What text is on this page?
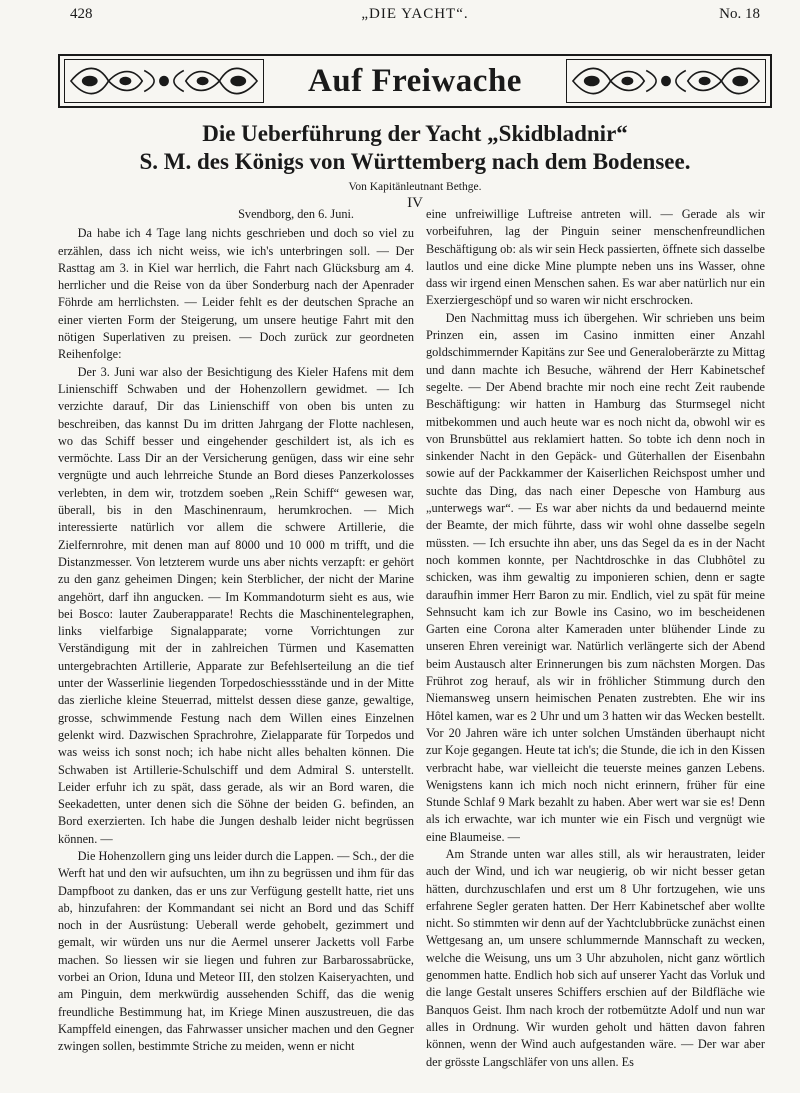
428	„DIE YACHT“.	No. 18
Auf Freiwache
Die Ueberführung der Yacht „Skidbladnir“
S. M. des Königs von Württemberg nach dem Bodensee.
Von Kapitänleutnant Bethge.
IV

Svendborg, den 6. Juni.

Da habe ich 4 Tage lang nichts geschrieben und doch so viel zu erzählen, dass ich nicht weiss, wie ich's unterbringen soll. — Der Rasttag am 3. in Kiel war herrlich, die Fahrt nach Glücksburg am 4. herrlicher und die Reise von da über Sonderburg nach der Apenrader Föhrde am herrlichsten. — Leider fehlt es der deutschen Sprache an einer vierten Form der Steigerung, um unsere heutige Fahrt mit den nötigen Superlativen zu preisen. — Doch zurück zur geordneten Reihenfolge:

Der 3. Juni war also der Besichtigung des Kieler Hafens mit dem Linienschiff Schwaben und der Hohenzollern gewidmet. — Ich verzichte darauf, Dir das Linienschiff von oben bis unten zu beschreiben, das kannst Du im dritten Jahrgang der Flotte nachlesen, wo das Schiff besser und eingehender geschildert ist, als ich es vermöchte. Lass Dir an der Versicherung genügen, dass wir eine sehr vergnügte und auch lehrreiche Stunde an Bord dieses Panzerkolosses verlebten, in dem wir, trotzdem soeben „Rein Schiff“ gewesen war, überall, bis in den Maschinenraum, herumkrochen. — Mich interessierte natürlich vor allem die schwere Artillerie, die Zielfernrohre, mit denen man auf 8000 und 10 000 m trifft, und die Distanzmesser. Von letzterem wurde uns aber nichts verzapft: er gehört zu den ganz geheimen Dingen; kein Sterblicher, der nicht der Marine angehört, darf ihn angucken. — Im Kommandoturm sieht es aus, wie bei Bosco: lauter Zauberapparate! Rechts die Maschinentelegraphen, links vielfarbige Signalapparate; vorne Vorrichtungen zur Verständigung mit der in zahlreichen Türmen und Kasematten untergebrachten Artillerie, Apparate zur Befehlserteilung an die tief unter der Wasserlinie liegenden Torpedoschiessstände und in der Mitte das zierliche kleine Steuerrad, mittelst dessen diese ganze, gewaltige, grosse, schwimmende Festung nach dem Willen eines Einzelnen gelenkt wird. Dazwischen Sprachrohre, Zielapparate für Torpedos und was weiss ich sonst noch; ich habe nicht alles behalten können. Die Schwaben ist Artillerie-Schulschiff und dem Admiral S. unterstellt. Leider erfuhr ich zu spät, dass gerade, als wir an Bord waren, die Seekadetten, unter denen sich die Söhne der beiden G. befinden, an Bord exerzierten. Ich habe die Jungen deshalb leider nicht begrüssen können. —

Die Hohenzollern ging uns leider durch die Lappen. — Sch., der die Werft hat und den wir aufsuchten, um ihn zu begrüssen und ihm für das Dampfboot zu danken, das er uns zur Verfügung gestellt hatte, riet uns ab, hinzufahren: der Kommandant sei nicht an Bord und das Schiff noch in der Ausrüstung: Ueberall werde gehobelt, gezimmert und gemalt, wir würden uns nur die Aermel unserer Jacketts voll Farbe machen. So liessen wir sie liegen und fuhren zur Barbarossabrücke, vorbei an Orion, Iduna und Meteor III, den stolzen Kaiseryachten, und am Pinguin, dem merkwürdig aussehenden Schiff, das die wenig freundliche Bestimmung hat, im Kriege Minen auszustreuen, die das Kampffeld einengen, das Fahrwasser unsicher machen und den Gegner zwingen sollen, bestimmte Striche zu meiden, wenn er nicht

eine unfreiwillige Luftreise antreten will. — Gerade als wir vorbeifuhren, lag der Pinguin seiner menschenfreundlichen Beschäftigung ob: als wir sein Heck passierten, öffnete sich dasselbe lautlos und eine dicke Mine plumpte neben uns ins Wasser, ohne dass wir irgend einen Menschen sahen. Es war aber natürlich nur ein Exerziergeschöpf und so waren wir nicht erschrocken.

Den Nachmittag muss ich übergehen. Wir schrieben uns beim Prinzen ein, assen im Casino inmitten einer Anzahl goldschimmernder Kapitäns zur See und Generaloberärzte zu Mittag und dann machte ich Besuche, während der Herr Kabinetschef segelte. — Der Abend brachte mir noch eine recht Zeit raubende Beschäftigung: wir hatten in Hamburg das Sturmsegel nicht mitbekommen und auch heute war es noch nicht da, obwohl wir es von Brunsbüttel aus reklamiert hatten. So tobte ich denn noch in sinkender Nacht in den Gepäck- und Güterhallen der Eisenbahn sowie auf der Packkammer der Kaiserlichen Reichspost umher und suchte das Ding, das nach einer Depesche von Hamburg aus „unterwegs war“. — Es war aber nichts da und bedauernd meinte der Beamte, der mich führte, dass wir wohl ohne dasselbe segeln müssten. — Ich ersuchte ihn aber, uns das Segel da es in der Nacht noch kommen konnte, per Nachtdroschke in das Clubhôtel zu schicken, was ihm gewaltig zu imponieren schien, denn er sagte daraufhin immer Herr Baron zu mir. Endlich, viel zu spät für meine Sehnsucht kam ich zur Bowle ins Casino, wo im bescheidenen Garten eine Corona alter Kameraden unter blühender Linde zu unseren Ehren vereinigt war. Natürlich verlängerte sich der Abend beim Austausch alter Erinnerungen bis zum nächsten Morgen. Das Frührot zog herauf, als wir in fröhlicher Stimmung durch den Niemansweg unsern heimischen Penaten zustrebten. Ehe wir ins Hôtel kamen, war es 2 Uhr und um 3 hatten wir das Wecken bestellt. Vor 20 Jahren wäre ich unter solchen Umständen überhaupt nicht zur Koje gegangen. Heute tat ich's; die Stunde, die ich in den Kissen verbracht habe, war vielleicht die teuerste meines ganzen Lebens. Wenigstens kann ich mich noch nicht erinnern, früher für eine Stunde Schlaf 9 Mark bezahlt zu haben. Aber wert war sie es! Denn als ich erwachte, war ich munter wie ein Fisch und vergnügt wie eine Blaumeise. —

Am Strande unten war alles still, als wir heraustraten, leider auch der Wind, und ich war neugierig, ob wir nicht besser getan hätten, durchzuschlafen und erst um 8 Uhr fortzugehen, wie uns erfahrene Segler geraten hatten. Der Herr Kabinetschef aber wollte nicht. So stimmten wir denn auf der Yachtclubbrücke zunächst einen Wettgesang an, um unsere schlummernde Mannschaft zu wecken, welche die Weisung, uns um 3 Uhr abzuholen, nicht ganz wörtlich genommen hatte. Endlich hob sich auf unserer Yacht das Vorluk und die lange Gestalt unseres Schiffers erschien auf der Bildfläche wie Banquos Geist. Ihm nach kroch der rotbemützte Adolf und nun war alles in Ordnung. Wir wurden geholt und hätten davon fahren können, wenn der Wind auch aufgestanden wäre. — Der war aber der grösste Langschläfer von uns allen. Es
